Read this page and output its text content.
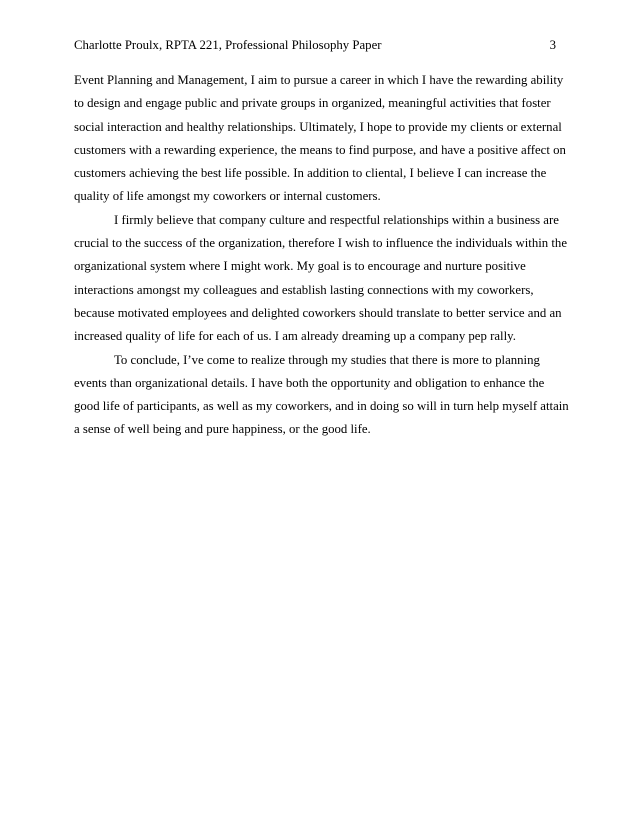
Charlotte Proulx, RPTA 221, Professional Philosophy Paper	3
Event Planning and Management, I aim to pursue a career in which I have the rewarding ability
to design and engage public and private groups in organized, meaningful activities that foster
social interaction and healthy relationships. Ultimately, I hope to provide my clients or external
customers with a rewarding experience, the means to find purpose, and have a positive affect on
customers achieving the best life possible. In addition to cliental, I believe I can increase the
quality of life amongst my coworkers or internal customers.
I firmly believe that company culture and respectful relationships within a business are
crucial to the success of the organization, therefore I wish to influence the individuals within the
organizational system where I might work. My goal is to encourage and nurture positive
interactions amongst my colleagues and establish lasting connections with my coworkers,
because motivated employees and delighted coworkers should translate to better service and an
increased quality of life for each of us. I am already dreaming up a company pep rally.
To conclude, I’ve come to realize through my studies that there is more to planning
events than organizational details. I have both the opportunity and obligation to enhance the
good life of participants, as well as my coworkers, and in doing so will in turn help myself attain
a sense of well being and pure happiness, or the good life.
